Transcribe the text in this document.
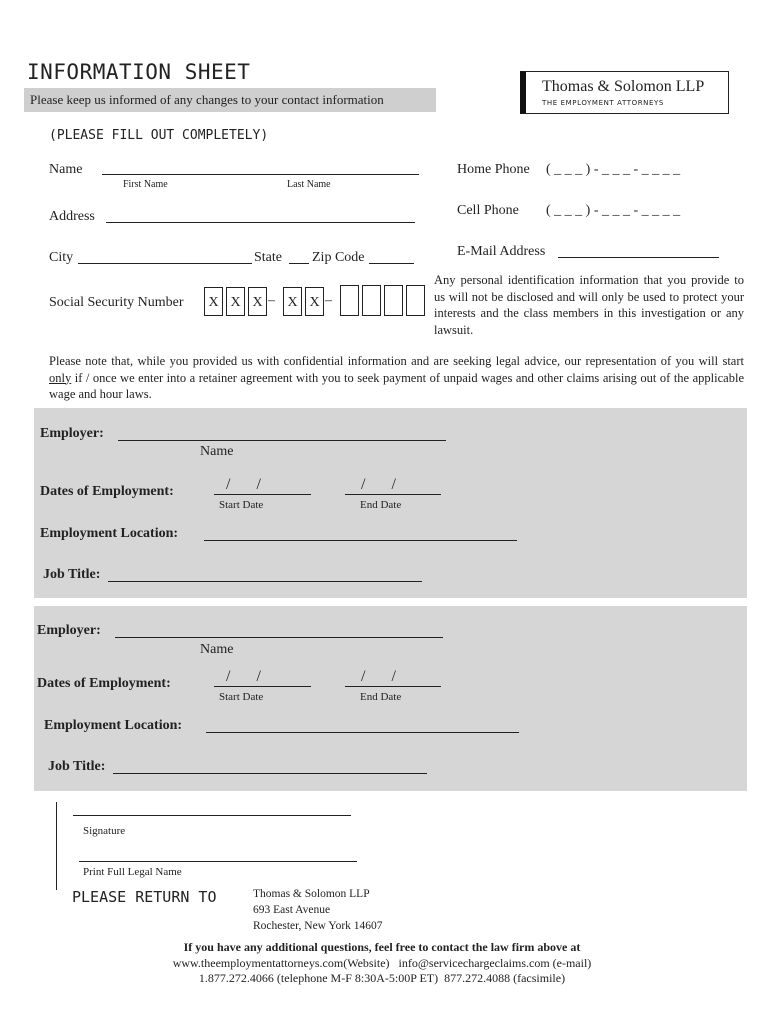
INFORMATION SHEET
Please keep us informed of any changes to your contact information
(PLEASE FILL OUT COMPLETELY)
Thomas & Solomon LLP
THE EMPLOYMENT ATTORNEYS
Name
First Name	Last Name
Address
City	State Zip Code
Social Security Number	X X X – X X –
Home Phone ( _ _ _ ) - _ _ _ - _ _ _ _
Cell Phone ( _ _ _ ) - _ _ _ - _ _ _ _
E-Mail Address
Any personal identification information that you provide to us will not be disclosed and will only be used to protect your interests and the class members in this investigation or any lawsuit.
Please note that, while you provided us with confidential information and are seeking legal advice, our representation of you will start only if / once we enter into a retainer agreement with you to seek payment of unpaid wages and other claims arising out of the applicable wage and hour laws.
Employer:
Name
Dates of Employment:	/ /
Start Date
/ /
End Date
Employment Location:
Job Title:
Employer:
Name
Dates of Employment:	/ /
Start Date
/ /
End Date
Employment Location:
Job Title:
Signature
Print Full Legal Name
PLEASE RETURN TO	Thomas & Solomon LLP
693 East Avenue
Rochester, New York 14607
If you have any additional questions, feel free to contact the law firm above at
www.theemploymentattorneys.com(Website)   info@servicechargeclaims.com (e-mail)
1.877.272.4066 (telephone M-F 8:30A-5:00P ET)  877.272.4088 (facsimile)
